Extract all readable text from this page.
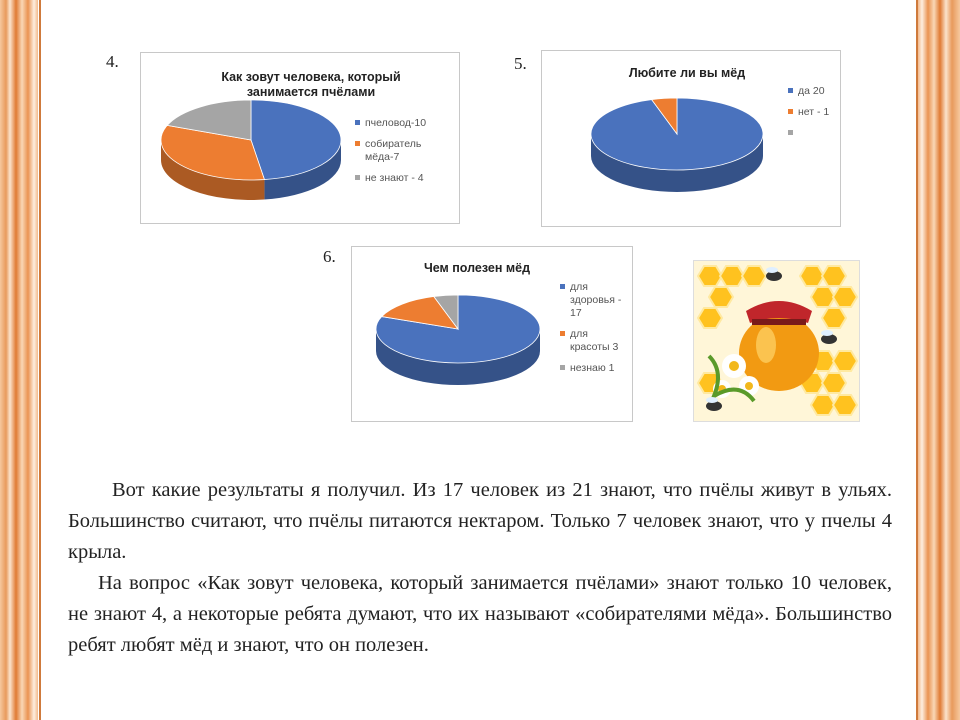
4.
Как зовут человека, который занимается пчёлами
пчеловод-10
собиратель мёда-7
не знают - 4
5.	Любите ли вы мёд
да 20
нет - 1
6.
Чем полезен мёд
для здоровья - 17
для красоты 3
незнаю 1

Вот какие результаты я получил. Из 17 человек из 21 знают, что пчёлы живут в ульях. Большинство считают, что пчёлы питаются нектаром. Только 7 человек знают, что у пчелы 4 крыла.

На вопрос «Как зовут человека, который занимается пчёлами» знают только 10 человек, не знают 4, а некоторые ребята думают, что их называют «собирателями мёда». Большинство ребят любят мёд и знают, что он полезен.
